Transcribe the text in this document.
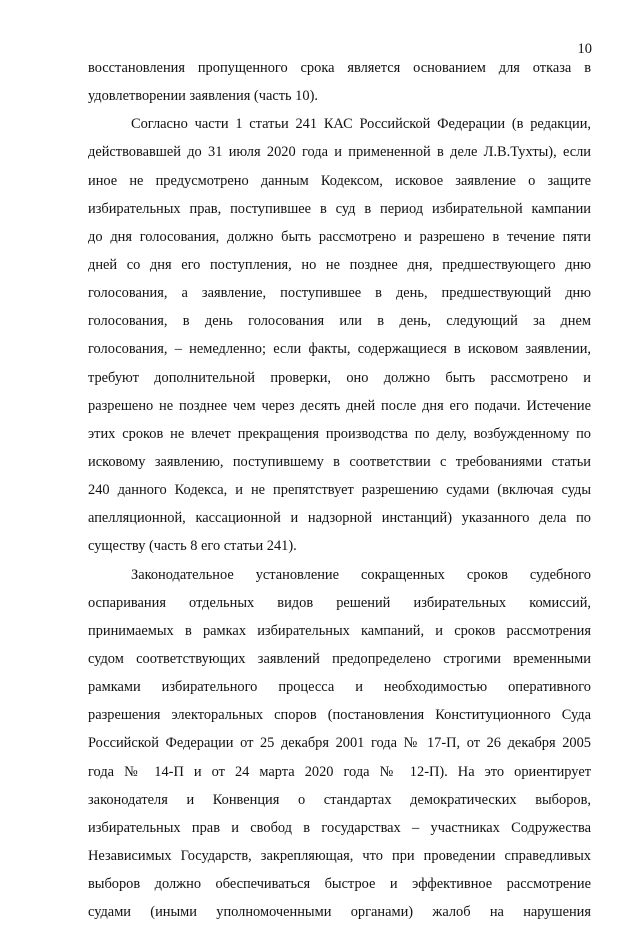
10
восстановления пропущенного срока является основанием для отказа в
удовлетворении заявления (часть 10).
Согласно части 1 статьи 241 КАС Российской Федерации (в редакции,
действовавшей до 31 июля 2020 года и примененной в деле Л.В.Тухты), если
иное не предусмотрено данным Кодексом, исковое заявление о защите
избирательных прав, поступившее в суд в период избирательной кампании
до дня голосования, должно быть рассмотрено и разрешено в течение пяти
дней со дня его поступления, но не позднее дня, предшествующего дню
голосования, а заявление, поступившее в день, предшествующий дню
голосования, в день голосования или в день, следующий за днем
голосования, – немедленно; если факты, содержащиеся в исковом заявлении,
требуют дополнительной проверки, оно должно быть рассмотрено и
разрешено не позднее чем через десять дней после дня его подачи. Истечение
этих сроков не влечет прекращения производства по делу, возбужденному по
исковому заявлению, поступившему в соответствии с требованиями статьи
240 данного Кодекса, и не препятствует разрешению судами (включая суды
апелляционной, кассационной и надзорной инстанций) указанного дела по
существу (часть 8 его статьи 241).
Законодательное установление сокращенных сроков судебного
оспаривания отдельных видов решений избирательных комиссий,
принимаемых в рамках избирательных кампаний, и сроков рассмотрения
судом соответствующих заявлений предопределено строгими временными
рамками избирательного процесса и необходимостью оперативного
разрешения электоральных споров (постановления Конституционного Суда
Российской Федерации от 25 декабря 2001 года № 17-П, от 26 декабря 2005
года № 14-П и от 24 марта 2020 года № 12-П). На это ориентирует
законодателя и Конвенция о стандартах демократических выборов,
избирательных прав и свобод в государствах – участниках Содружества
Независимых Государств, закрепляющая, что при проведении справедливых
выборов должно обеспечиваться быстрое и эффективное рассмотрение
судами (иными уполномоченными органами) жалоб на нарушения
